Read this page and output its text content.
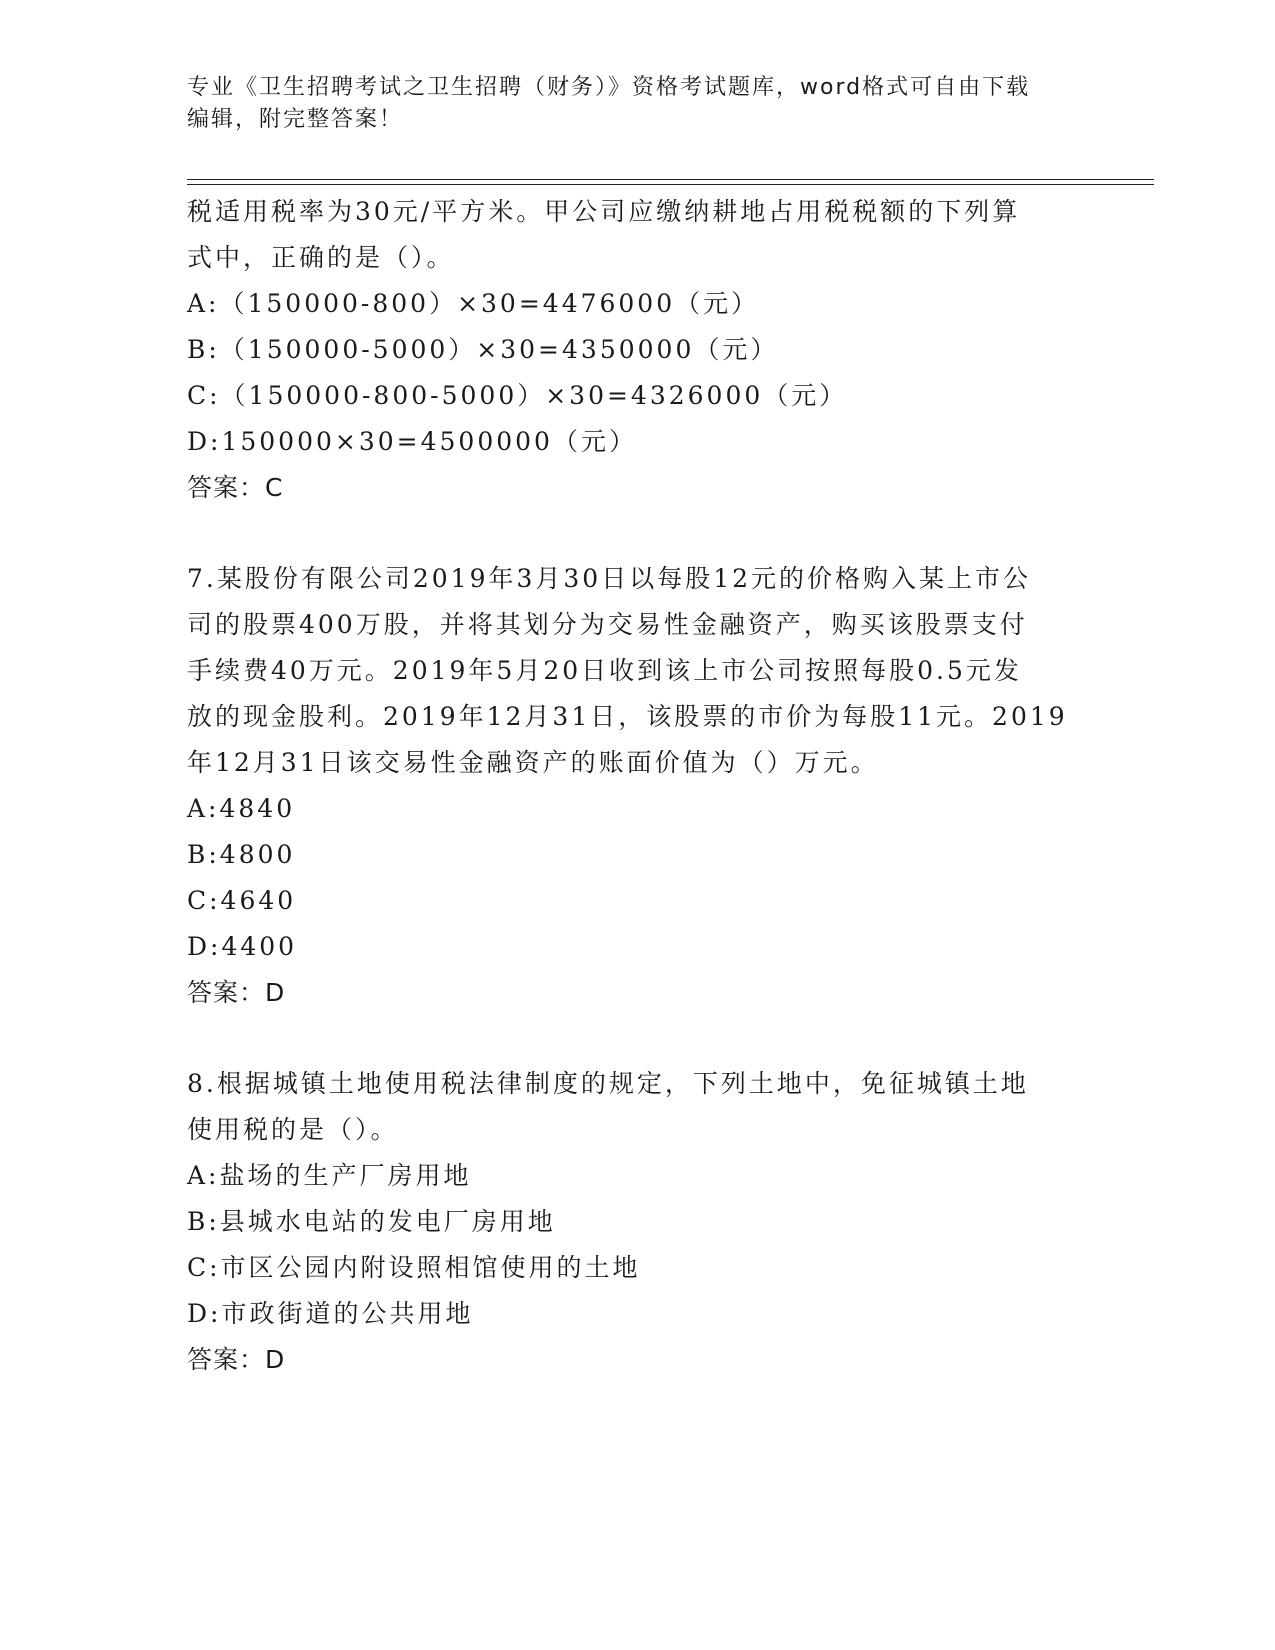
专业《卫生招聘考试之卫生招聘（财务）》资格考试题库，word格式可自由下载
编辑，附完整答案！
税适用税率为30元/平方米。甲公司应缴纳耕地占用税税额的下列算
式中，正确的是（）。
A:（150000-800）×30=4476000（元）
B:（150000-5000）×30=4350000（元）
C:（150000-800-5000）×30=4326000（元）
D:150000×30=4500000（元）
答案：C
7.某股份有限公司2019年3月30日以每股12元的价格购入某上市公
司的股票400万股，并将其划分为交易性金融资产，购买该股票支付
手续费40万元。2019年5月20日收到该上市公司按照每股0.5元发
放的现金股利。2019年12月31日，该股票的市价为每股11元。2019
年12月31日该交易性金融资产的账面价值为（）万元。
A:4840
B:4800
C:4640
D:4400
答案：D
8.根据城镇土地使用税法律制度的规定，下列土地中，免征城镇土地
使用税的是（）。
A:盐场的生产厂房用地
B:县城水电站的发电厂房用地
C:市区公园内附设照相馆使用的土地
D:市政街道的公共用地
答案：D
